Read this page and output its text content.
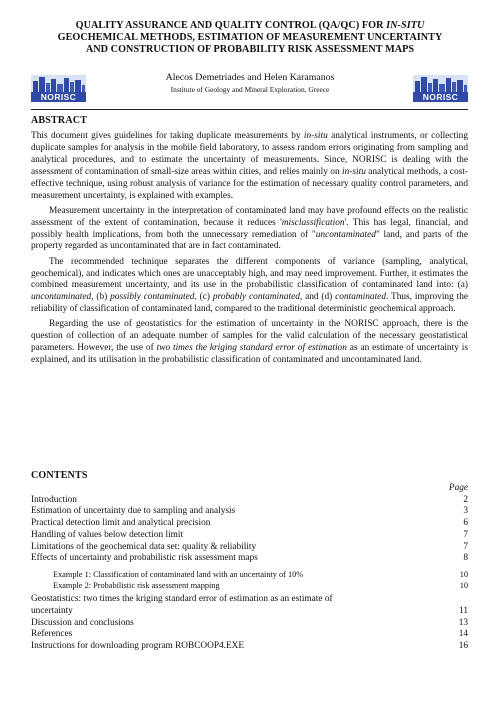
QUALITY ASSURANCE AND QUALITY CONTROL (QA/QC) FOR IN-SITU
GEOCHEMICAL METHODS, ESTIMATION OF MEASUREMENT UNCERTAINTY
AND CONSTRUCTION OF PROBABILITY RISK ASSESSMENT MAPS
NORISC
Alecos Demetriades and Helen Karamanos
Institute of Geology and Mineral Exploration, Greece
NORISC
ABSTRACT

This document gives guidelines for taking duplicate measurements by in-situ analytical instruments, or collecting duplicate samples for analysis in the mobile field laboratory, to assess random errors originating from sampling and analytical procedures, and to estimate the uncertainty of measurements. Since, NORISC is dealing with the assessment of contamination of small-size areas within cities, and relies mainly on in-situ analytical methods, a cost-effective technique, using robust analysis of variance for the estimation of necessary quality control parameters, and measurement uncertainty, is explained with examples.

Measurement uncertainty in the interpretation of contaminated land may have profound effects on the realistic assessment of the extent of contamination, because it reduces 'misclassification'. This has legal, financial, and possibly health implications, from both the unnecessary remediation of "uncontaminated" land, and parts of the property regarded as uncontaminated that are in fact contaminated.

The recommended technique separates the different components of variance (sampling, analytical, geochemical), and indicates which ones are unacceptably high, and may need improvement. Further, it estimates the combined measurement uncertainty, and its use in the probabilistic classification of contaminated land into: (a) uncontaminated, (b) possibly contaminated, (c) probably contaminated, and (d) contaminated. Thus, improving the reliability of classification of contaminated land, compared to the traditional deterministic geochemical approach.

Regarding the use of geostatistics for the estimation of uncertainty in the NORISC approach, there is the question of collection of an adequate number of samples for the valid calculation of the necessary geostatistical parameters. However, the use of two times the kriging standard error of estimation as an estimate of uncertainty is explained, and its utilisation in the probabilistic classification of contaminated and uncontaminated land.

CONTENTS
Page
Introduction	2
Estimation of uncertainty due to sampling and analysis	3
Practical detection limit and analytical precision	6
Handling of values below detection limit	7
Limitations of the geochemical data set: quality & reliability	7
Effects of uncertainty and probabilistic risk assessment maps	8
Example 1: Classification of contaminated land with an uncertainty of 10%	10
Example 2: Probabilistic risk assessment mapping	10
Geostatistics: two times the kriging standard error of estimation as an estimate of
uncertainty	11
Discussion and conclusions	13
References	14
Instructions for downloading program ROBCOOP4.EXE	16
